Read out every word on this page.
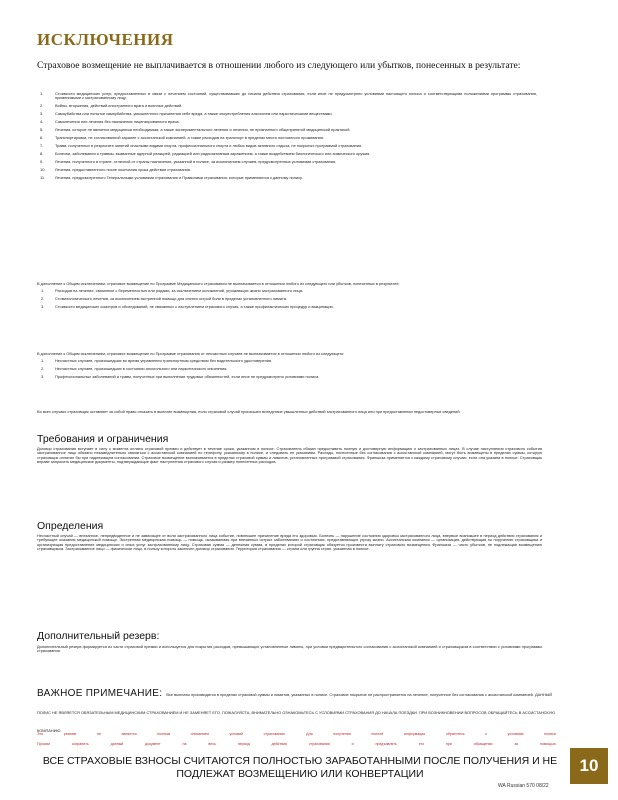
ИСКЛЮЧЕНИЯ
Страховое возмещение не выплачивается в отношении любого из следующего или убытков, понесенных в результате:
1.	Стоимости медицинских услуг, предоставленных в связи с лечением состояний, существовавших до начала действия страхования, если иное не предусмотрено условиями настоящего полиса и соответствующими положениями программы страхования, применимыми к застрахованному лицу.
2.	Войны, вторжения, действий иностранного врага и военных действий.
3.	Самоубийства или попытки самоубийства, умышленного причинения себе вреда, а также злоупотребления алкоголем или наркотическими веществами.
4.	Самолечения или лечения без назначения лицензированного врача.
5.	Лечения, которое не является медицински необходимым, а также экспериментального лечения и лечения, не признанного общепринятой медицинской практикой.
6.	Транспортировки, не согласованной заранее с ассистанской компанией, а также расходов на транспорт в пределах места постоянного проживания.
7.	Травм, полученных в результате занятий опасными видами спорта, профессионального спорта и любых видов активного отдыха, не покрытых программой страхования.
8.	Болезни, заболевания и травмы, вызванные ядерной реакцией, радиацией или радиоактивным заражением, а также воздействием биологического или химического оружия.
9.	Лечения, полученного в стране, отличной от страны назначения, указанной в полисе, за исключением случаев, предусмотренных условиями страхования.
10. Лечения, предоставленного после окончания срока действия страхования.
11. Лечения, предусмотренного Генеральными условиями страхования и Правилами страхования, которые применяются к данному полису.
В дополнение к Общим исключениям, страховое возмещение по Программе Медицинского страхования не выплачивается в отношении любого из следующего или убытков, понесенных в результате:
1.	Расходов на лечение, связанное с беременностью или родами, за исключением осложнений, угрожающих жизни застрахованного лица.
2.	Стоматологического лечения, за исключением экстренной помощи для снятия острой боли в пределах установленного лимита.
3.	Стоимости медицинских осмотров и обследований, не связанных с наступлением страхового случая, а также профилактических процедур и вакцинации.
В дополнение к Общим исключениям, страховое возмещение по Программе страхования от несчастных случаев не выплачивается в отношении любого из следующего:
1.	Несчастных случаев, произошедших во время управления транспортным средством без водительского удостоверения.
2.	Несчастных случаев, произошедших в состоянии алкогольного или наркотического опьянения.
3.	Профессиональных заболеваний и травм, полученных при выполнении трудовых обязанностей, если иное не предусмотрено условиями полиса.
Во всех случаях страховщик оставляет за собой право отказать в выплате возмещения, если страховой случай произошел вследствие умышленных действий застрахованного лица или при предоставлении недостоверных сведений.
Требования и ограничения
Договор страхования вступает в силу с момента оплаты страховой премии и действует в течение срока, указанном в полисе. Страхователь обязан предоставить полную и достоверную информацию о застрахованных лицах. В случае наступления страхового события застрахованное лицо обязано незамедлительно связаться с ассистанской компанией по телефону, указанному в полисе, и следовать ее указаниям. Расходы, понесенные без согласования с ассистанской компанией, могут быть возмещены в пределах суммы, которую страховщик оплатил бы при надлежащем согласовании. Страховое возмещение выплачивается в пределах страховой суммы и лимитов, установленных программой страхования. Франшиза применяется к каждому страховому случаю, если она указана в полисе. Страховщик вправе запросить медицинские документы, подтверждающие факт наступления страхового случая и размер понесенных расходов.
Определения
Несчастный случай — внезапное, непредвиденное и не зависящее от воли застрахованного лица событие, повлекшее причинение вреда его здоровью. Болезнь — нарушение состояния здоровья застрахованного лица, впервые возникшее в период действия страхования и требующее оказания медицинской помощи. Экстренная медицинская помощь — помощь, оказываемая при внезапных острых заболеваниях и состояниях, представляющих угрозу жизни. Ассистанская компания — организация, действующая по поручению страховщика и организующая предоставление медицинских и иных услуг застрахованному лицу. Страховая сумма — денежная сумма, в пределах которой страховщик обязуется произвести выплату страхового возмещения. Франшиза — часть убытков, не подлежащая возмещению страховщиком. Застрахованное лицо — физическое лицо, в пользу которого заключен договор страхования. Территория страхования — страна или группа стран, указанная в полисе.
Дополнительный резерв:
Дополнительный резерв формируется из части страховой премии и используется для покрытия расходов, превышающих установленные лимиты, при условии предварительного согласования с ассистанской компанией и страховщиком в соответствии с условиями программы страхования.
ВАЖНОЕ ПРИМЕЧАНИЕ: Все выплаты производятся в пределах страховой суммы и лимитов, указанных в полисе. Страховое покрытие не распространяется на лечение, полученное без согласования с ассистанской компанией. ДАННЫЙ ПОЛИС НЕ ЯВЛЯЕТСЯ ОБЯЗАТЕЛЬНЫМ МЕДИЦИНСКИМ СТРАХОВАНИЕМ И НЕ ЗАМЕНЯЕТ ЕГО. ПОЖАЛУЙСТА, ВНИМАТЕЛЬНО ОЗНАКОМЬТЕСЬ С УСЛОВИЯМИ СТРАХОВАНИЯ ДО НАЧАЛА ПОЕЗДКИ. ПРИ ВОЗНИКНОВЕНИИ ВОПРОСОВ ОБРАЩАЙТЕСЬ В АССИСТАНСКУЮ КОМПАНИЮ.
Это	резюме	не	является	полным	описанием	условий	страхования.	Для	получения	полной	информации	обратитесь	к	условиям	полиса.
Просим	сохранить	данный	документ	на	весь	период	действия	страхования	и	предъявлять	его	при	обращении	за	помощью.
ВСЕ СТРАХОВЫЕ ВЗНОСЫ СЧИТАЮТСЯ ПОЛНОСТЬЮ ЗАРАБОТАННЫМИ ПОСЛЕ ПОЛУЧЕНИЯ И НЕ ПОДЛЕЖАТ ВОЗМЕЩЕНИЮ ИЛИ КОНВЕРТАЦИИ	10
WA Russian 570 08/22
